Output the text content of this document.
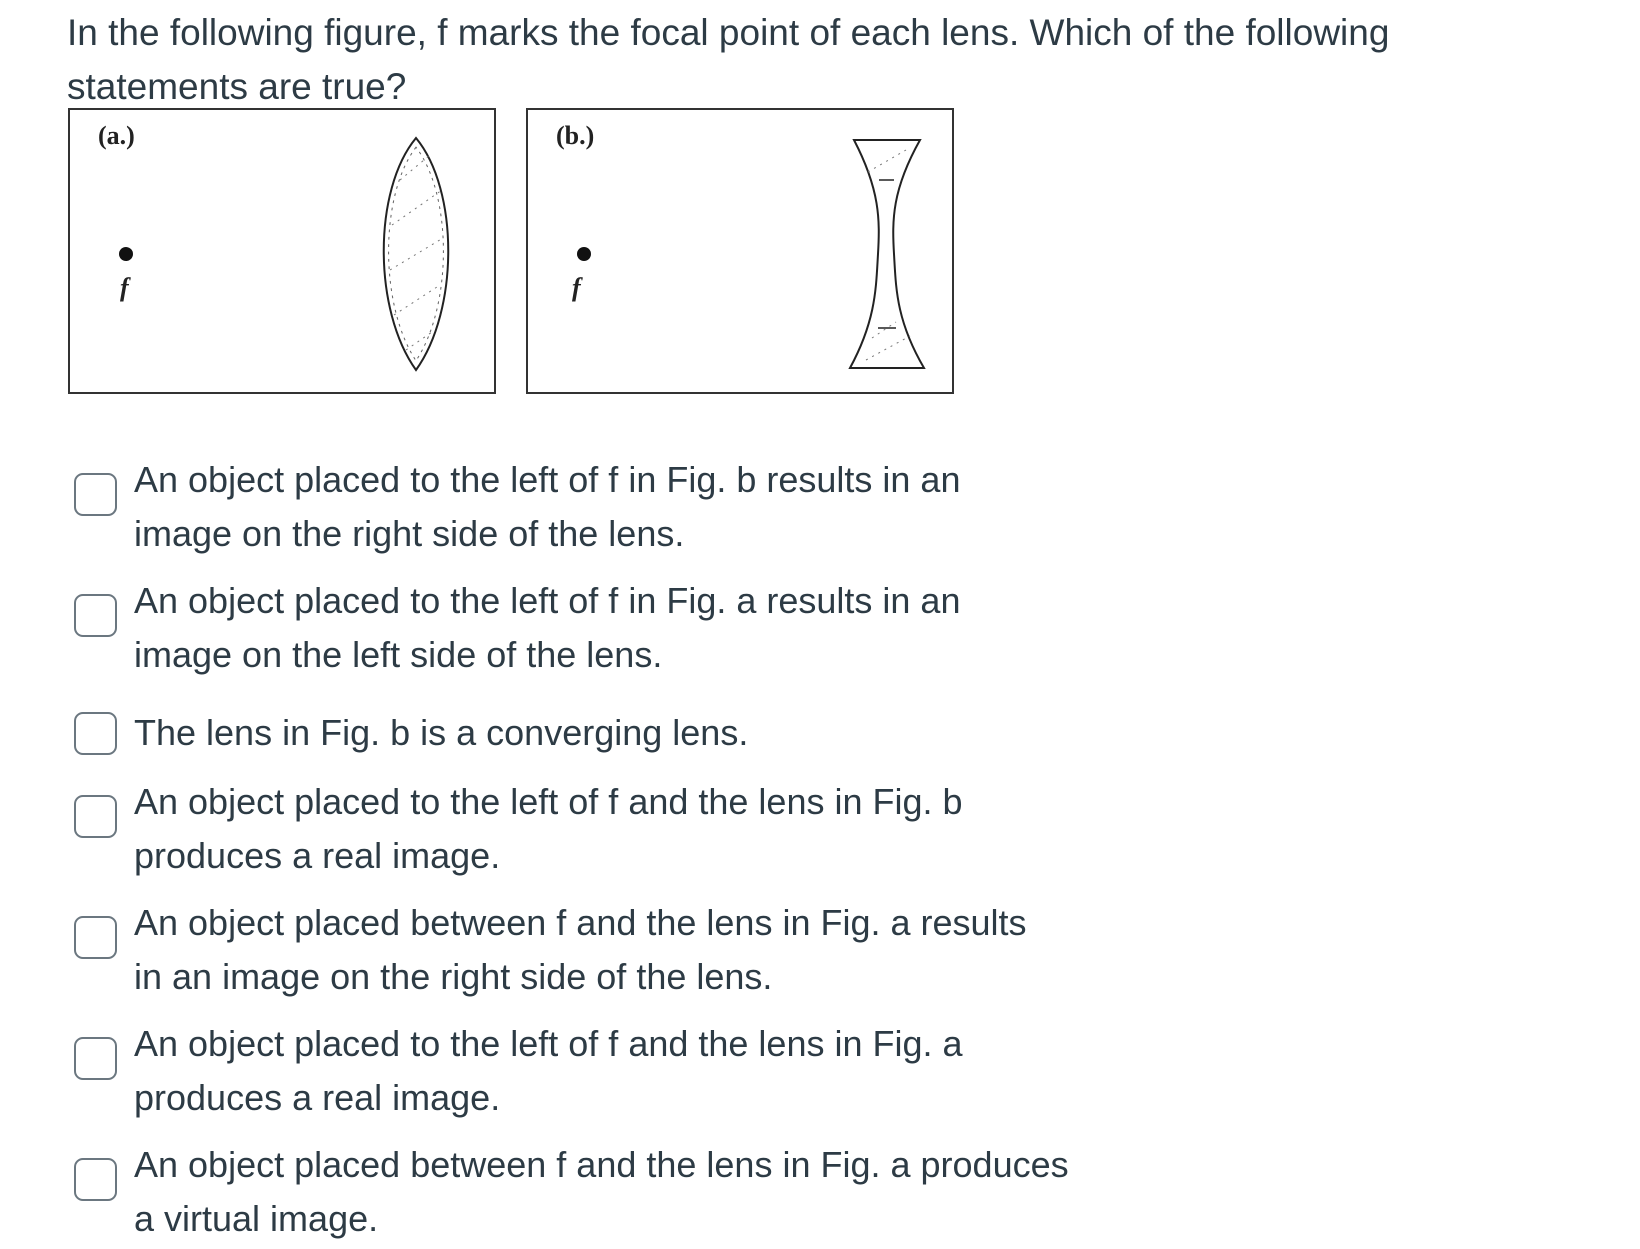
In the following figure, f marks the focal point of each lens. Which of the following statements are true?

(a.)
f
(b.)
f
An object placed to the left of f in Fig. b results in an
image on the right side of the lens.
An object placed to the left of f in Fig. a results in an
image on the left side of the lens.
The lens in Fig. b is a converging lens.
An object placed to the left of f and the lens in Fig. b
produces a real image.
An object placed between f and the lens in Fig. a results
in an image on the right side of the lens.
An object placed to the left of f and the lens in Fig. a
produces a real image.
An object placed between f and the lens in Fig. a produces
a virtual image.
